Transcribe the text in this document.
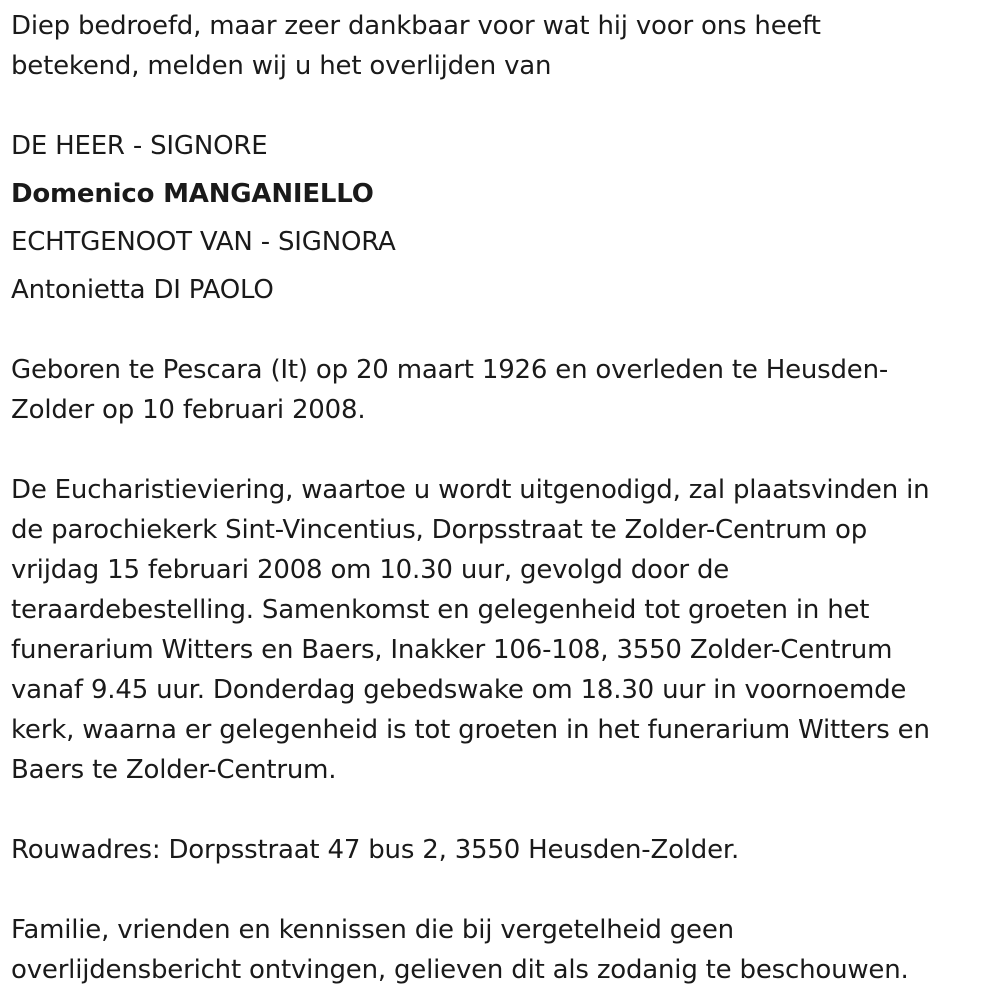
Diep bedroefd, maar zeer dankbaar voor wat hij voor ons heeft
betekend, melden wij u het overlijden van

DE HEER - SIGNORE
Domenico MANGANIELLO
ECHTGENOOT VAN - SIGNORA
Antonietta DI PAOLO

Geboren te Pescara (It) op 20 maart 1926 en overleden te Heusden-
Zolder op 10 februari 2008.

De Eucharistieviering, waartoe u wordt uitgenodigd, zal plaatsvinden in
de parochiekerk Sint-Vincentius, Dorpsstraat te Zolder-Centrum op
vrijdag 15 februari 2008 om 10.30 uur, gevolgd door de
teraardebestelling. Samenkomst en gelegenheid tot groeten in het
funerarium Witters en Baers, Inakker 106-108, 3550 Zolder-Centrum
vanaf 9.45 uur. Donderdag gebedswake om 18.30 uur in voornoemde
kerk, waarna er gelegenheid is tot groeten in het funerarium Witters en
Baers te Zolder-Centrum.

Rouwadres: Dorpsstraat 47 bus 2, 3550 Heusden-Zolder.

Familie, vrienden en kennissen die bij vergetelheid geen
overlijdensbericht ontvingen, gelieven dit als zodanig te beschouwen.
